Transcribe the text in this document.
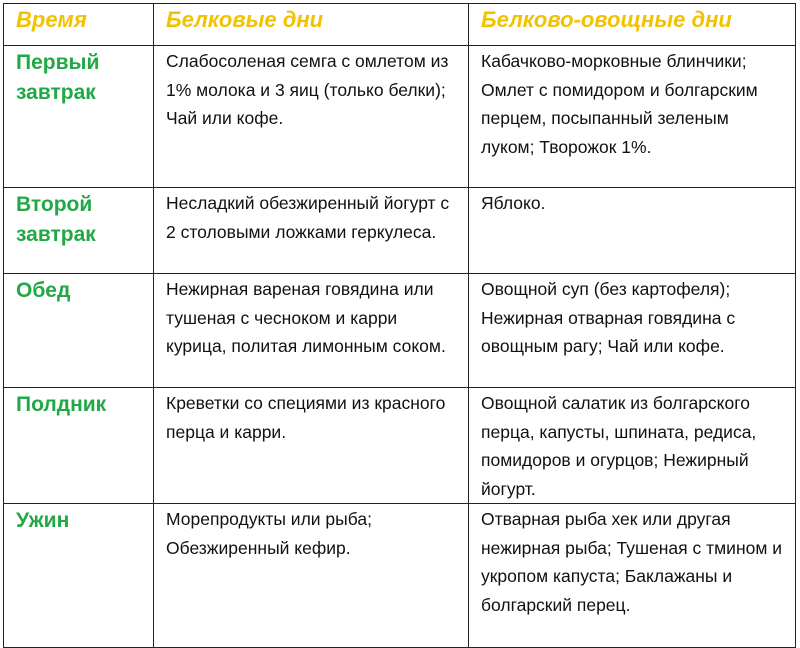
Время	Белковые дни	Белково-овощные дни
Первый завтрак	Слабосоленая семга с омлетом из 1% молока и 3 яиц (только белки); Чай или кофе.	Кабачково-морковные блинчики; Омлет с помидором и болгарским перцем, посыпанный зеленым луком; Творожок 1%.
Второй завтрак	Несладкий обезжиренный йогурт с 2 столовыми ложками геркулеса.	Яблоко.
Обед	Нежирная вареная говядина или тушеная с чесноком и карри курица, политая лимонным соком.	Овощной суп (без картофеля); Нежирная отварная говядина с овощным рагу; Чай или кофе.
Полдник	Креветки со специями из красного перца и карри.	Овощной салатик из болгарского перца, капусты, шпината, редиса, помидоров и огурцов; Нежирный йогурт.
Ужин	Морепродукты или рыба; Обезжиренный кефир.	Отварная рыба хек или другая нежирная рыба; Тушеная с тмином и укропом капуста; Баклажаны и болгарский перец.
